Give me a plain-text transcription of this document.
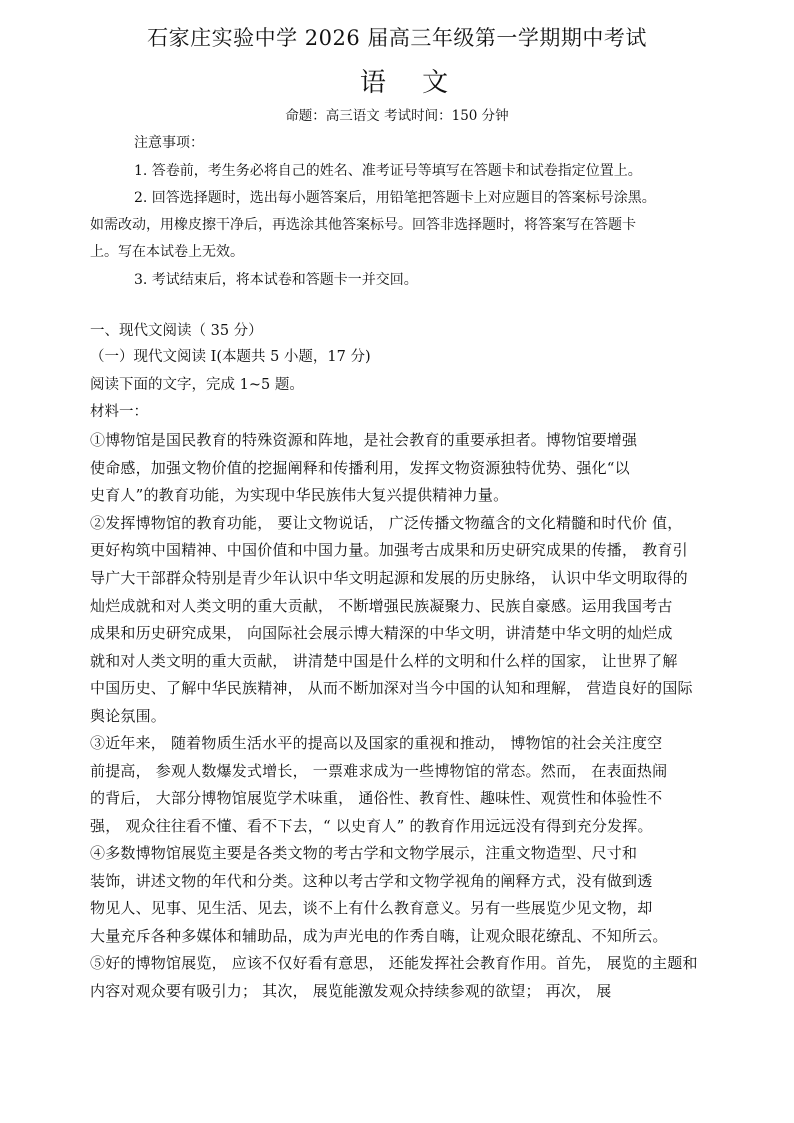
石家庄实验中学 2026 届高三年级第一学期期中考试
语 文
命题：高三语文 考试时间：150 分钟
注意事项：
1. 答卷前，考生务必将自己的姓名、准考证号等填写在答题卡和试卷指定位置上。
2. 回答选择题时，选出每小题答案后，用铅笔把答题卡上对应题目的答案标号涂黑。
如需改动，用橡皮擦干净后，再选涂其他答案标号。回答非选择题时，将答案写在答题卡
上。写在本试卷上无效。
3. 考试结束后，将本试卷和答题卡一并交回。
一、现代文阅读（ 35 分）
（一）现代文阅读 Ⅰ(本题共 5 小题，17 分)
阅读下面的文字，完成 1~5 题。
材料一：
①博物馆是国民教育的特殊资源和阵地，是社会教育的重要承担者。博物馆要增强
使命感，加强文物价值的挖掘阐释和传播利用，发挥文物资源独特优势、强化“以
史育人”的教育功能，为实现中华民族伟大复兴提供精神力量。
②发挥博物馆的教育功能， 要让文物说话， 广泛传播文物蕴含的文化精髓和时代价 值，
更好构筑中国精神、中国价值和中国力量。加强考古成果和历史研究成果的传播， 教育引
导广大干部群众特别是青少年认识中华文明起源和发展的历史脉络， 认识中华文明取得的
灿烂成就和对人类文明的重大贡献， 不断增强民族凝聚力、民族自豪感。运用我国考古
成果和历史研究成果， 向国际社会展示博大精深的中华文明，讲清楚中华文明的灿烂成
就和对人类文明的重大贡献， 讲清楚中国是什么样的文明和什么样的国家， 让世界了解
中国历史、了解中华民族精神， 从而不断加深对当今中国的认知和理解， 营造良好的国际
舆论氛围。
③近年来， 随着物质生活水平的提高以及国家的重视和推动， 博物馆的社会关注度空
前提高， 参观人数爆发式增长， 一票难求成为一些博物馆的常态。然而， 在表面热闹
的背后， 大部分博物馆展览学术味重， 通俗性、教育性、趣味性、观赏性和体验性不
强， 观众往往看不懂、看不下去，“ 以史育人” 的教育作用远远没有得到充分发挥。
④多数博物馆展览主要是各类文物的考古学和文物学展示，注重文物造型、尺寸和
装饰，讲述文物的年代和分类。这种以考古学和文物学视角的阐释方式，没有做到透
物见人、见事、见生活、见去，谈不上有什么教育意义。另有一些展览少见文物，却
大量充斥各种多媒体和辅助品，成为声光电的作秀自嗨，让观众眼花缭乱、不知所云。
⑤好的博物馆展览， 应该不仅好看有意思， 还能发挥社会教育作用。首先， 展览的主题和
内容对观众要有吸引力； 其次， 展览能激发观众持续参观的欲望； 再次， 展
